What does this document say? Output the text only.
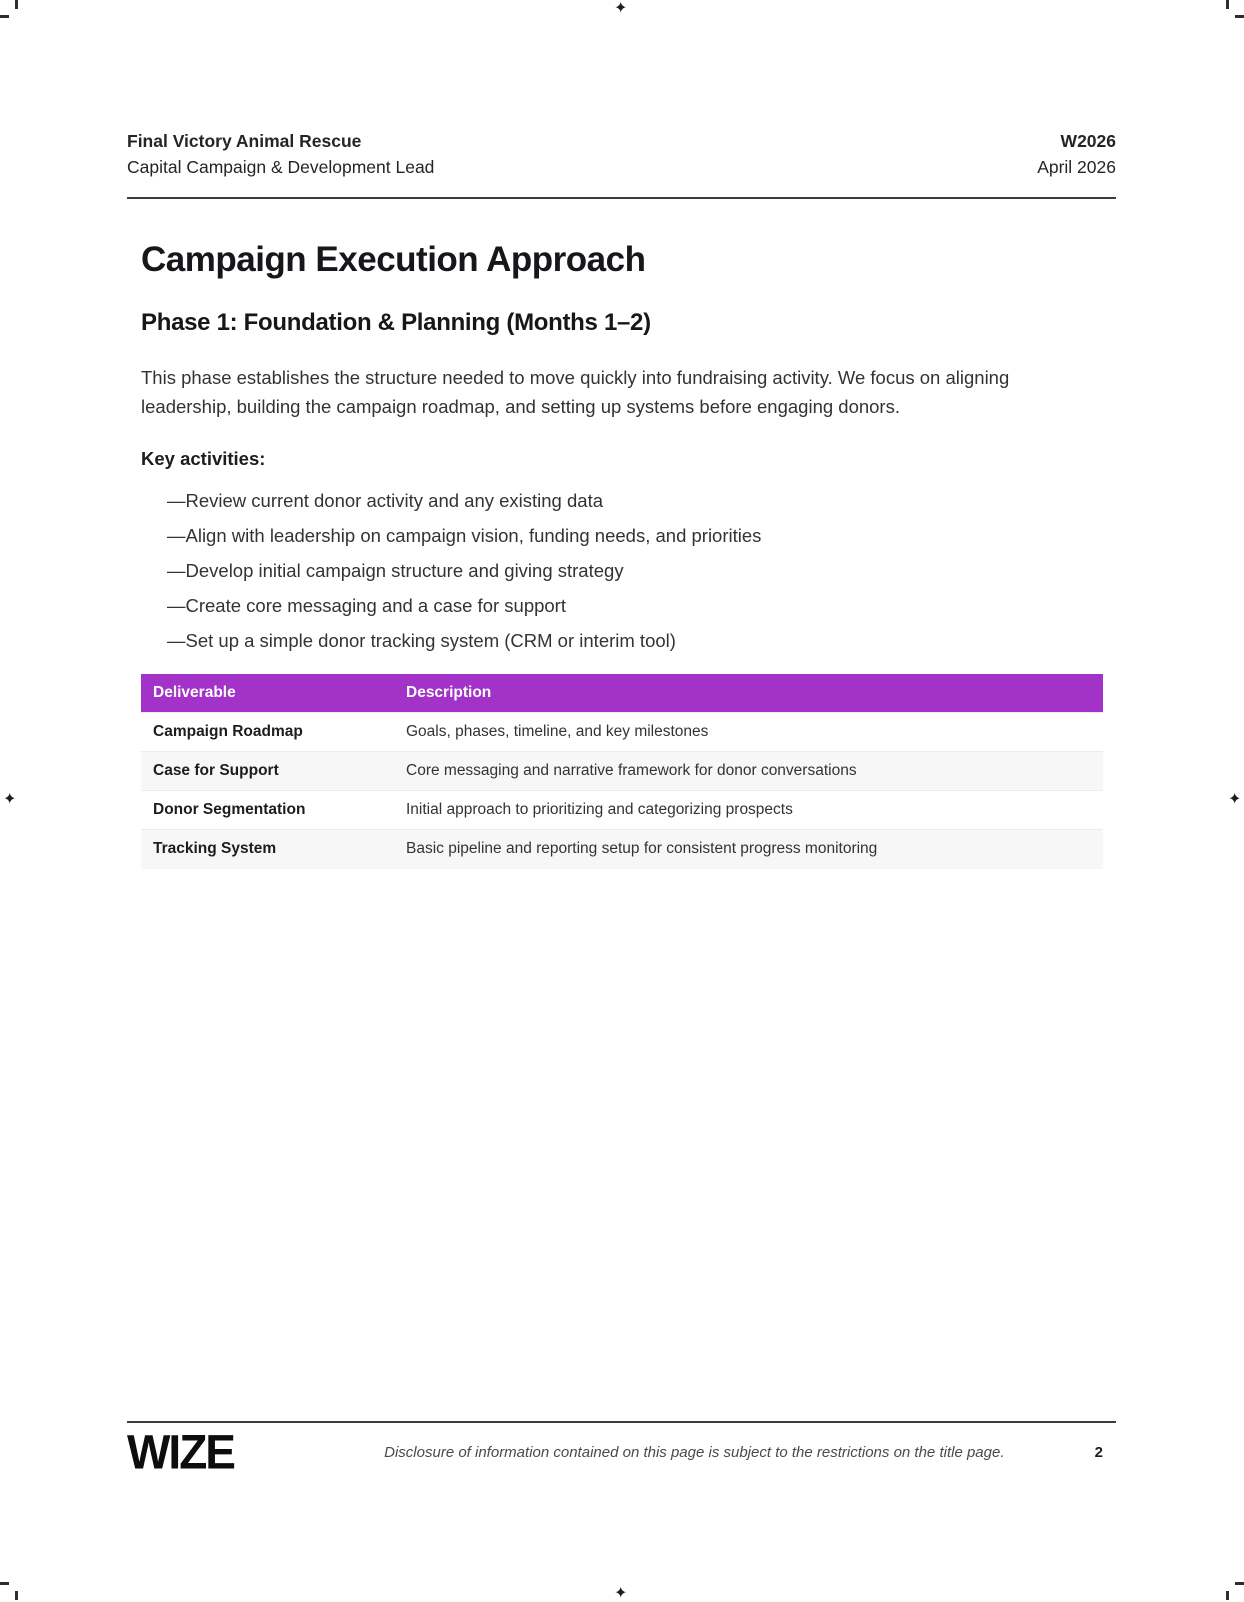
✦
✦	✦
✦
Final Victory Animal Rescue
Capital Campaign & Development Lead
W2026
April 2026
Campaign Execution Approach
Phase 1: Foundation & Planning (Months 1–2)

This phase establishes the structure needed to move quickly into fundraising activity. We focus on aligning leadership, building the campaign roadmap, and setting up systems before engaging donors.

Key activities:
—Review current donor activity and any existing data
—Align with leadership on campaign vision, funding needs, and priorities
—Develop initial campaign structure and giving strategy
—Create core messaging and a case for support
—Set up a simple donor tracking system (CRM or interim tool)
Deliverable	Description
Campaign Roadmap	Goals, phases, timeline, and key milestones
Case for Support	Core messaging and narrative framework for donor conversations
Donor Segmentation	Initial approach to prioritizing and categorizing prospects
Tracking System	Basic pipeline and reporting setup for consistent progress monitoring
WIZE	Disclosure of information contained on this page is subject to the restrictions on the title page.	2
